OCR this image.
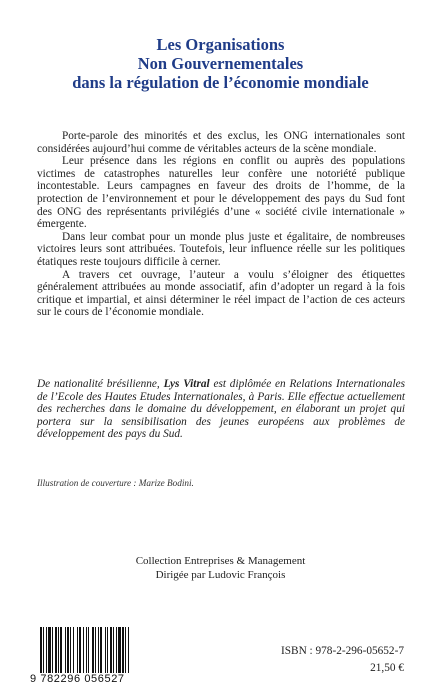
Les Organisations
Non Gouvernementales
dans la régulation de l’économie mondiale

Porte-parole des minorités et des exclus, les ONG internationales sont considérées aujourd’hui comme de véritables acteurs de la scène mondiale.

Leur présence dans les régions en conflit ou auprès des populations victimes de catastrophes naturelles leur confère une notoriété publique incontestable. Leurs campagnes en faveur des droits de l’homme, de la protection de l’environnement et pour le développement des pays du Sud font des ONG des représentants privilégiés d’une « société civile internationale » émergente.

Dans leur combat pour un monde plus juste et égalitaire, de nombreuses victoires leurs sont attribuées. Toutefois, leur influence réelle sur les politiques étatiques reste toujours difficile à cerner.

A travers cet ouvrage, l’auteur a voulu s’éloigner des étiquettes généralement attribuées au monde associatif, afin d’adopter un regard à la fois critique et impartial, et ainsi déterminer le réel impact de l’action de ces acteurs sur le cours de l’économie mondiale.

De nationalité brésilienne, Lys Vitral est diplômée en Relations Internationales de l’Ecole des Hautes Etudes Internationales, à Paris. Elle effectue actuellement des recherches dans le domaine du développement, en élaborant un projet qui portera sur la sensibilisation des jeunes européens aux problèmes de développement des pays du Sud.
Illustration de couverture : Marize Bodini.
Collection Entreprises & Management
Dirigée par Ludovic François
9 782296 056527
ISBN : 978-2-296-05652-7
21,50 €
